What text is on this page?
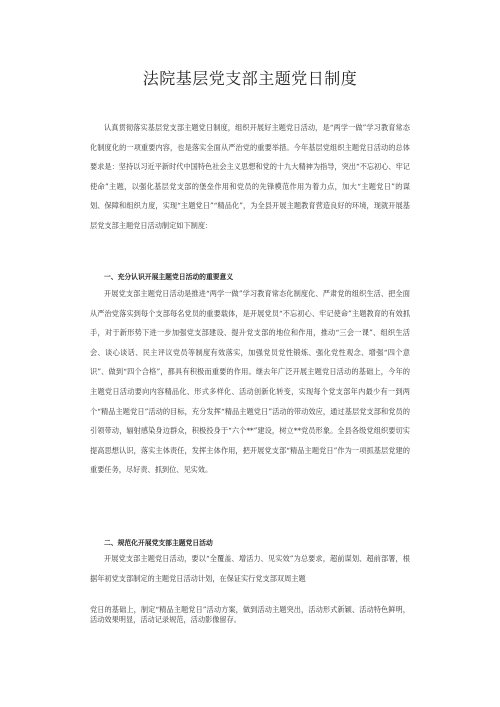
法院基层党支部主题党日制度

认真贯彻落实基层党支部主题党日制度，组织开展好主题党日活动，是“两学一做”学习教育常态化制度化的一项重要内容，也是落实全面从严治党的重要举措。今年基层党组织主题党日活动的总体要求是：坚持以习近平新时代中国特色社会主义思想和党的十九大精神为指导，突出“不忘初心、牢记使命”主题，以强化基层党支部的堡垒作用和党员的先锋模范作用为着力点，加大“主题党日”的谋划、保障和组织力度，实现“主题党日”“精品化”，为全县开展主题教育营造良好的环境，现就开展基层党支部主题党日活动制定如下制度：

一、充分认识开展主题党日活动的重要意义

开展党支部主题党日活动是推进“两学一做”学习教育常态化制度化、严肃党的组织生活、把全面从严治党落实到每个支部每名党员的重要载体，是开展党员“不忘初心、牢记使命”主题教育的有效抓手，对于新形势下进一步加强党支部建设、提升党支部的地位和作用，推动“三会一课”、组织生活会、谈心谈话、民主评议党员等制度有效落实，加强党员党性锻炼、强化党性观念、增强“四个意识”、做到“四个合格”，都具有积极而重要的作用。继去年广泛开展主题党日活动的基础上，今年的主题党日活动要向内容精品化、形式多样化、活动创新化转变，实现每个党支部年内最少有一到两个“精品主题党日”活动的目标，充分发挥“精品主题党日”活动的带动效应，通过基层党支部和党员的引领带动，辐射感染身边群众，积极投身于“六个**”建设，树立**党员形象。全县各级党组织要切实提高思想认识，落实主体责任，发挥主体作用，把开展党支部“精品主题党日”作为一项抓基层党建的重要任务，尽好责、抓到位、见实效。

二、规范化开展党支部主题党日活动

开展党支部主题党日活动，要以“全覆盖、增活力、见实效”为总要求，超前谋划、超前部署，根据年初党支部制定的主题党日活动计划，在保证实行党支部双周主题

党日的基础上，制定“精品主题党日”活动方案，做到活动主题突出，活动形式新颖、活动特色鲜明，活动效果明显，活动记录规范，活动影像留存。
